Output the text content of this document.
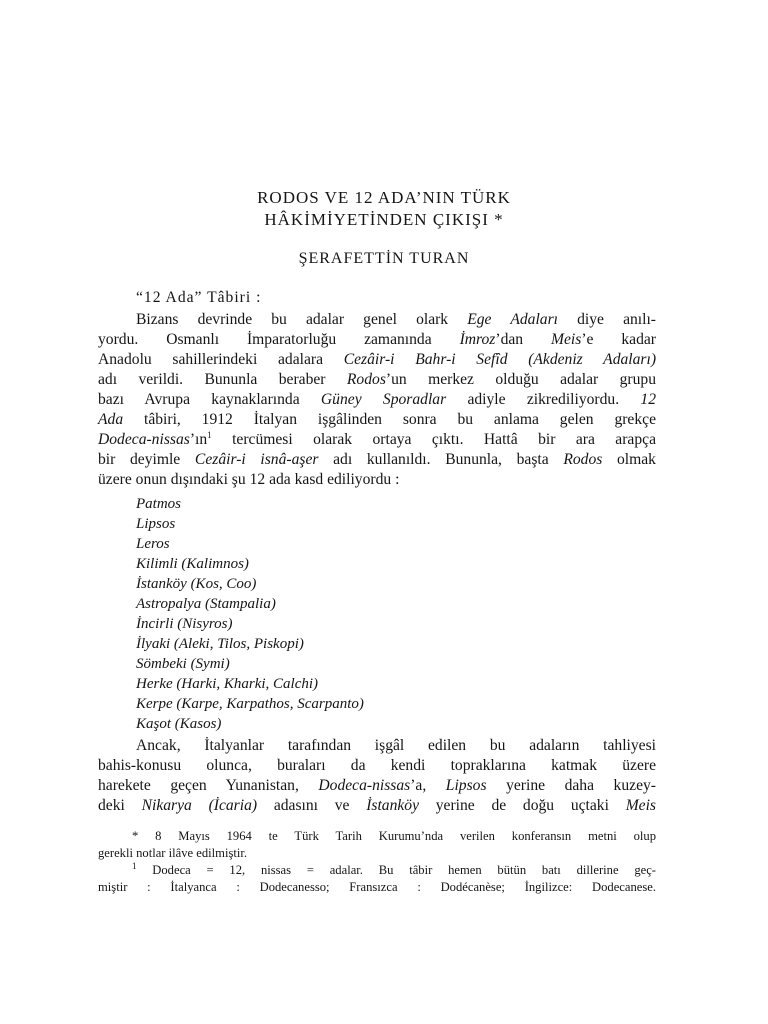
RODOS VE 12 ADA’NIN TÜRK
HÂKİMİYETİNDEN ÇIKIŞI *
ŞERAFETTİN TURAN
“12 Ada” Tâbiri :
Bizans devrinde bu adalar genel olark Ege Adaları diye anılı-
yordu. Osmanlı İmparatorluğu zamanında İmroz’dan Meis’e kadar
Anadolu sahillerindeki adalara Cezâir-i Bahr-i Sefîd (Akdeniz Adaları)
adı verildi. Bununla beraber Rodos’un merkez olduğu adalar grupu
bazı Avrupa kaynaklarında Güney Sporadlar adiyle zikrediliyordu. 12
Ada tâbiri, 1912 İtalyan işgâlinden sonra bu anlama gelen grekçe
Dodeca-$nissas’ın^1$ tercümesi olarak ortaya çıktı. Hattâ bir ara arapça
bir deyimle Cezâir-i isnâ-aşer adı kullanıldı. Bununla, başta Rodos olmak
üzere onun dışındaki şu 12 ada kasd ediliyordu :
Patmos
Lipsos
Leros
Kilimli (Kalimnos)
İstanköy (Kos, Coo)
Astropalya (Stampalia)
İncirli (Nisyros)
İlyaki (Aleki, Tilos, Piskopi)
Sömbeki (Symi)
Herke (Harki, Kharki, Calchi)
Kerpe (Karpe, Karpathos, Scarpanto)
Kaşot (Kasos)
Ancak, İtalyanlar tarafından işgâl edilen bu adaların tahliyesi
bahis-konusu olunca, buraları da kendi topraklarına katmak üzere
harekete geçen Yunanistan, Dodeca-nissas’a, Lipsos yerine daha kuzey-
deki Nikarya (İcaria) adasını ve İstanköy yerine de doğu uçtaki Meis
* 8 Mayıs 1964 te Türk Tarih Kurumu’nda verilen konferansın metni olup
gerekli notlar ilâve edilmiştir.
$^1$ Dodeca = 12, nissas = adalar. Bu tâbir hemen bütün batı dillerine geç-
miştir : İtalyanca : Dodecanesso; Fransızca : Dodécanèse; İngilizce: Dodecanese.
